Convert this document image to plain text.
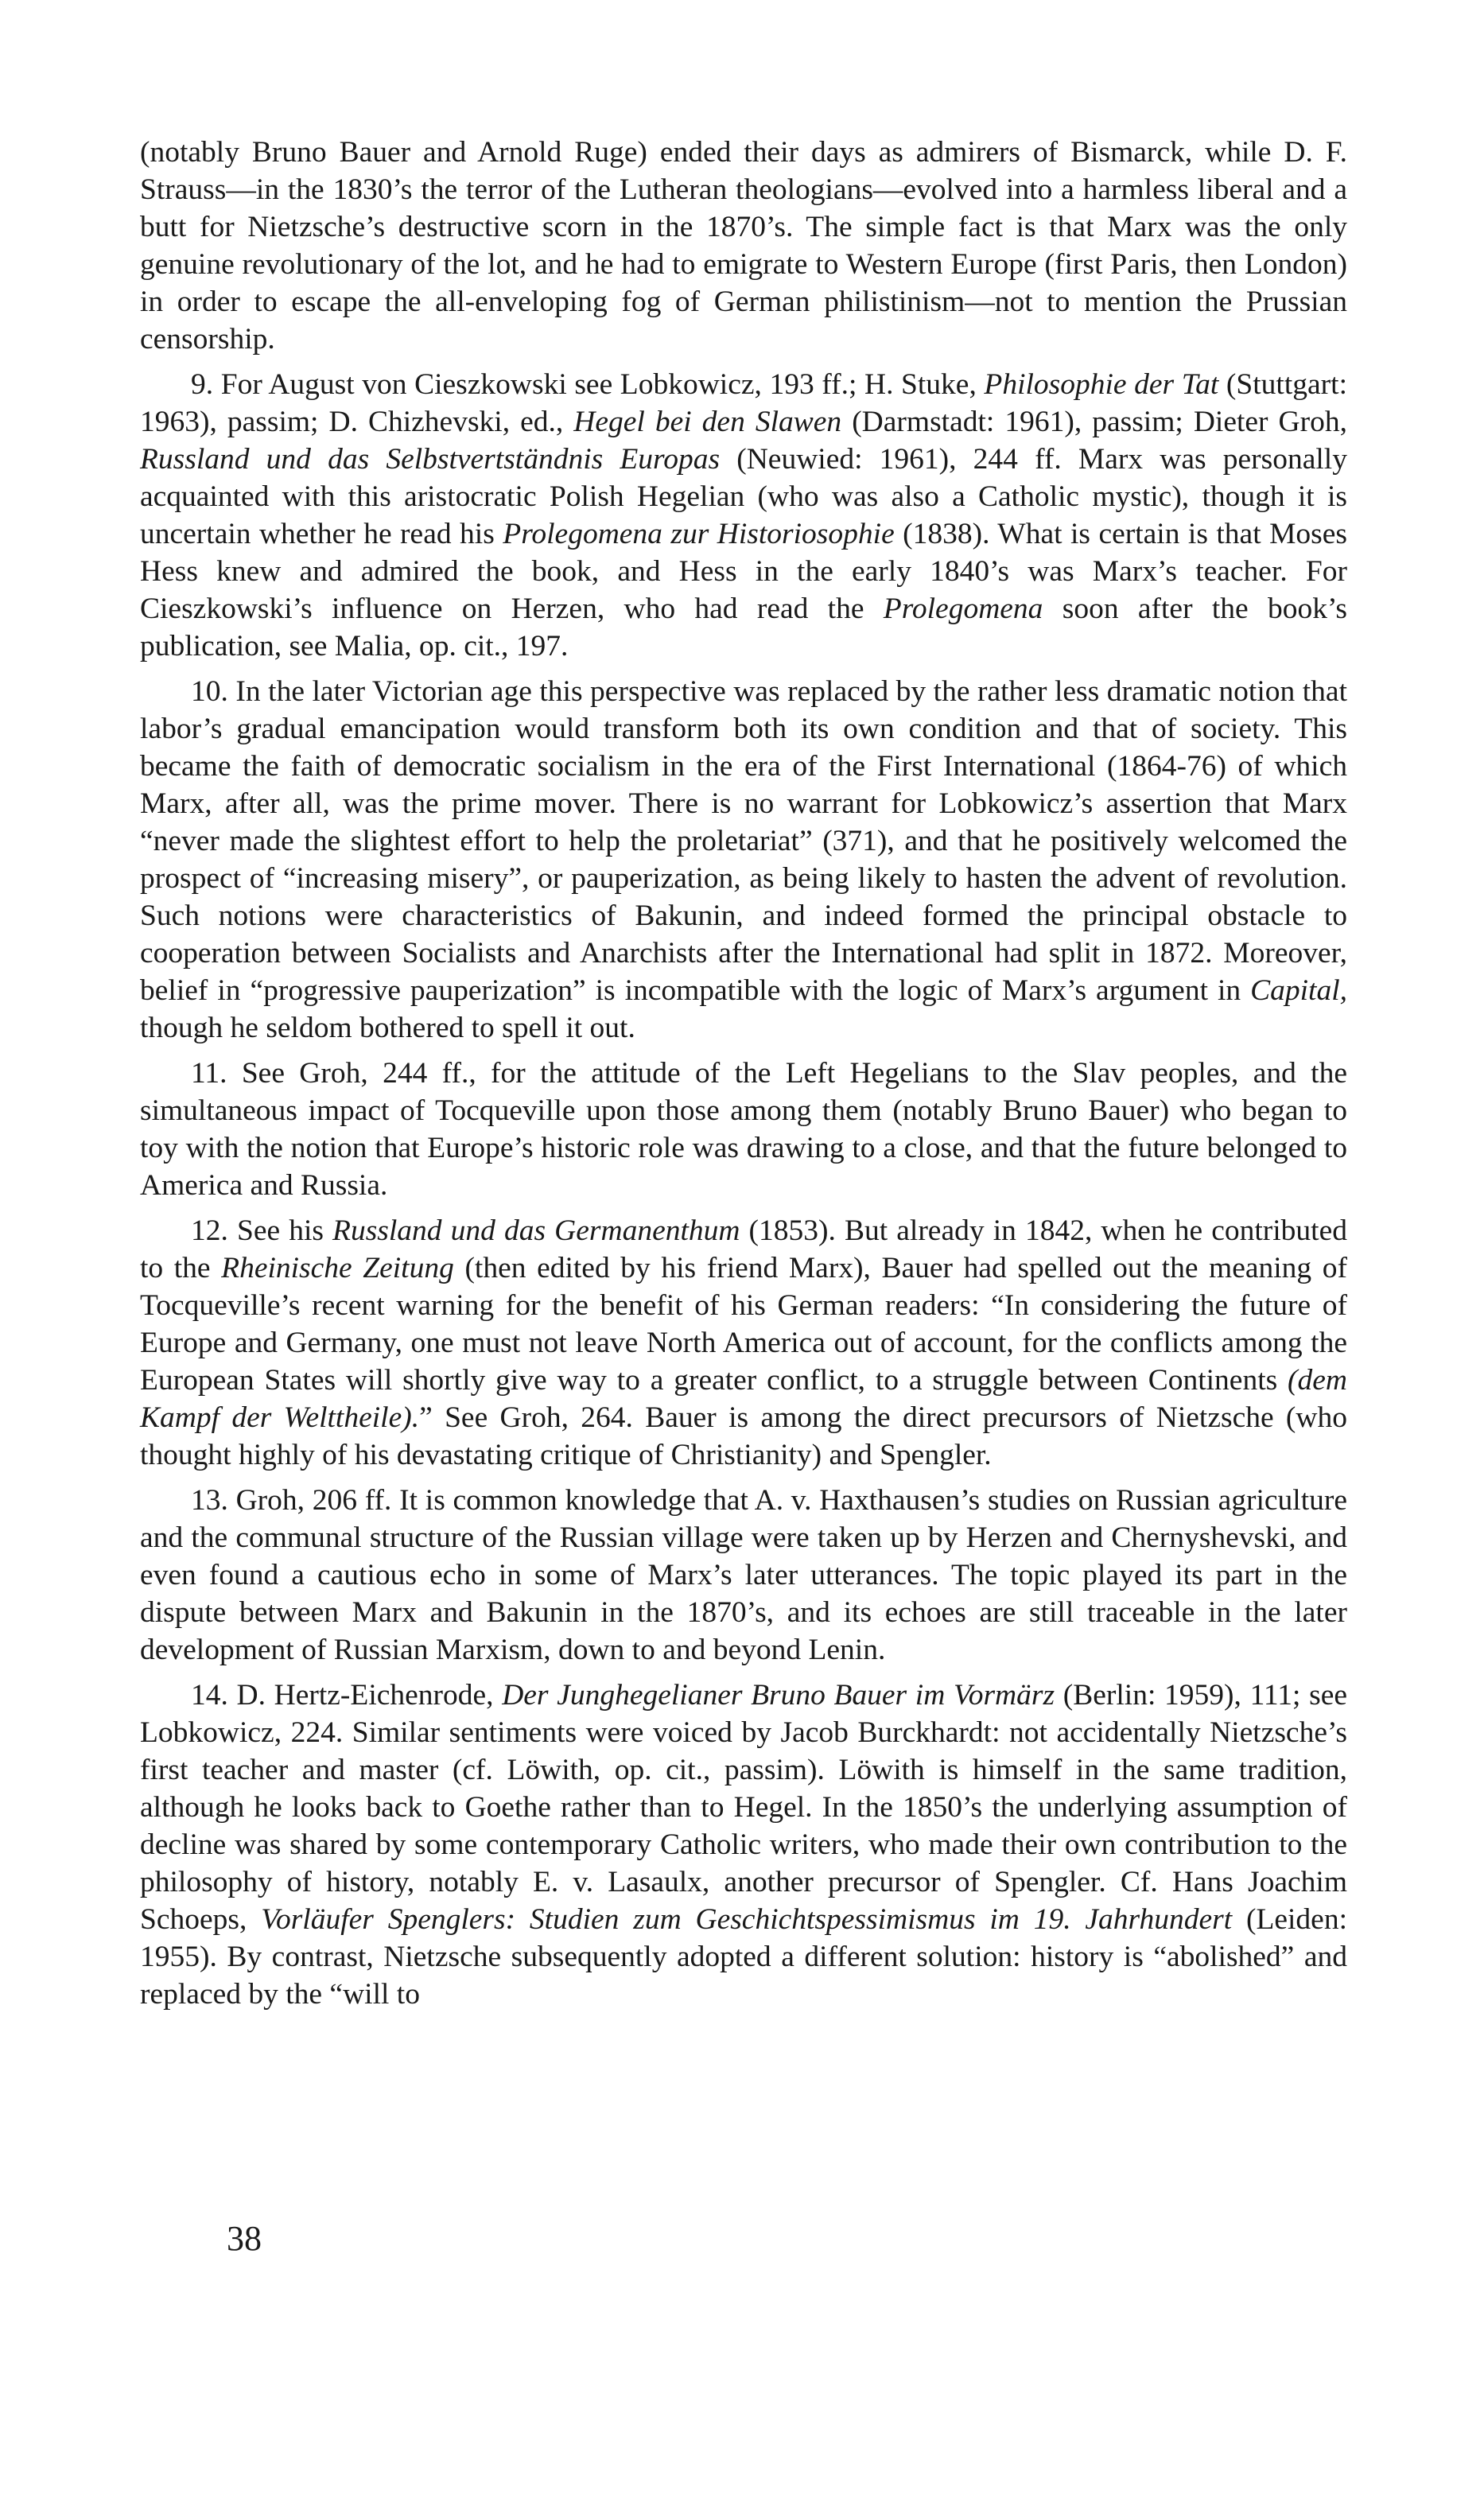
(notably Bruno Bauer and Arnold Ruge) ended their days as admirers of Bismarck, while D. F. Strauss—in the 1830’s the terror of the Lutheran theologians—evolved into a harmless liberal and a butt for Nietzsche’s destructive scorn in the 1870’s. The simple fact is that Marx was the only genuine revolutionary of the lot, and he had to emigrate to Western Europe (first Paris, then London) in order to escape the all-enveloping fog of German philistinism—not to mention the Prussian censorship.

9. For August von Cieszkowski see Lobkowicz, 193 ff.; H. Stuke, Philosophie der Tat (Stuttgart: 1963), passim; D. Chizhevski, ed., Hegel bei den Slawen (Darmstadt: 1961), passim; Dieter Groh, Russland und das Selbstvertständnis Europas (Neuwied: 1961), 244 ff. Marx was personally acquainted with this aristocratic Polish Hegelian (who was also a Catholic mystic), though it is uncertain whether he read his Prolegomena zur Historiosophie (1838). What is certain is that Moses Hess knew and admired the book, and Hess in the early 1840’s was Marx’s teacher. For Cieszkowski’s influence on Herzen, who had read the Prolegomena soon after the book’s publication, see Malia, op. cit., 197.

10. In the later Victorian age this perspective was replaced by the rather less dramatic notion that labor’s gradual emancipation would transform both its own condition and that of society. This became the faith of democratic socialism in the era of the First International (1864-76) of which Marx, after all, was the prime mover. There is no warrant for Lobkowicz’s assertion that Marx “never made the slightest effort to help the proletariat” (371), and that he positively welcomed the prospect of “increasing misery”, or pauperization, as being likely to hasten the advent of revolution. Such notions were characteristics of Bakunin, and indeed formed the principal obstacle to cooperation between Socialists and Anarchists after the International had split in 1872. Moreover, belief in “progressive pauperization” is incompatible with the logic of Marx’s argument in Capital, though he seldom bothered to spell it out.

11. See Groh, 244 ff., for the attitude of the Left Hegelians to the Slav peoples, and the simultaneous impact of Tocqueville upon those among them (notably Bruno Bauer) who began to toy with the notion that Europe’s historic role was drawing to a close, and that the future belonged to America and Russia.

12. See his Russland und das Germanenthum (1853). But already in 1842, when he contributed to the Rheinische Zeitung (then edited by his friend Marx), Bauer had spelled out the meaning of Tocqueville’s recent warning for the benefit of his German readers: “In considering the future of Europe and Germany, one must not leave North America out of account, for the conflicts among the European States will shortly give way to a greater conflict, to a struggle between Continents (dem Kampf der Welttheile).” See Groh, 264. Bauer is among the direct precursors of Nietzsche (who thought highly of his devastating critique of Christianity) and Spengler.

13. Groh, 206 ff. It is common knowledge that A. v. Haxthausen’s studies on Russian agriculture and the communal structure of the Russian village were taken up by Herzen and Chernyshevski, and even found a cautious echo in some of Marx’s later utterances. The topic played its part in the dispute between Marx and Bakunin in the 1870’s, and its echoes are still traceable in the later development of Russian Marxism, down to and beyond Lenin.

14. D. Hertz-Eichenrode, Der Junghegelianer Bruno Bauer im Vormärz (Berlin: 1959), 111; see Lobkowicz, 224. Similar sentiments were voiced by Jacob Burckhardt: not accidentally Nietzsche’s first teacher and master (cf. Löwith, op. cit., passim). Löwith is himself in the same tradition, although he looks back to Goethe rather than to Hegel. In the 1850’s the underlying assumption of decline was shared by some contemporary Catholic writers, who made their own contribution to the philosophy of history, notably E. v. Lasaulx, another precursor of Spengler. Cf. Hans Joachim Schoeps, Vorläufer Spenglers: Studien zum Geschichtspessimismus im 19. Jahrhundert (Leiden: 1955). By contrast, Nietzsche subsequently adopted a different solution: history is “abolished” and replaced by the “will to

38
